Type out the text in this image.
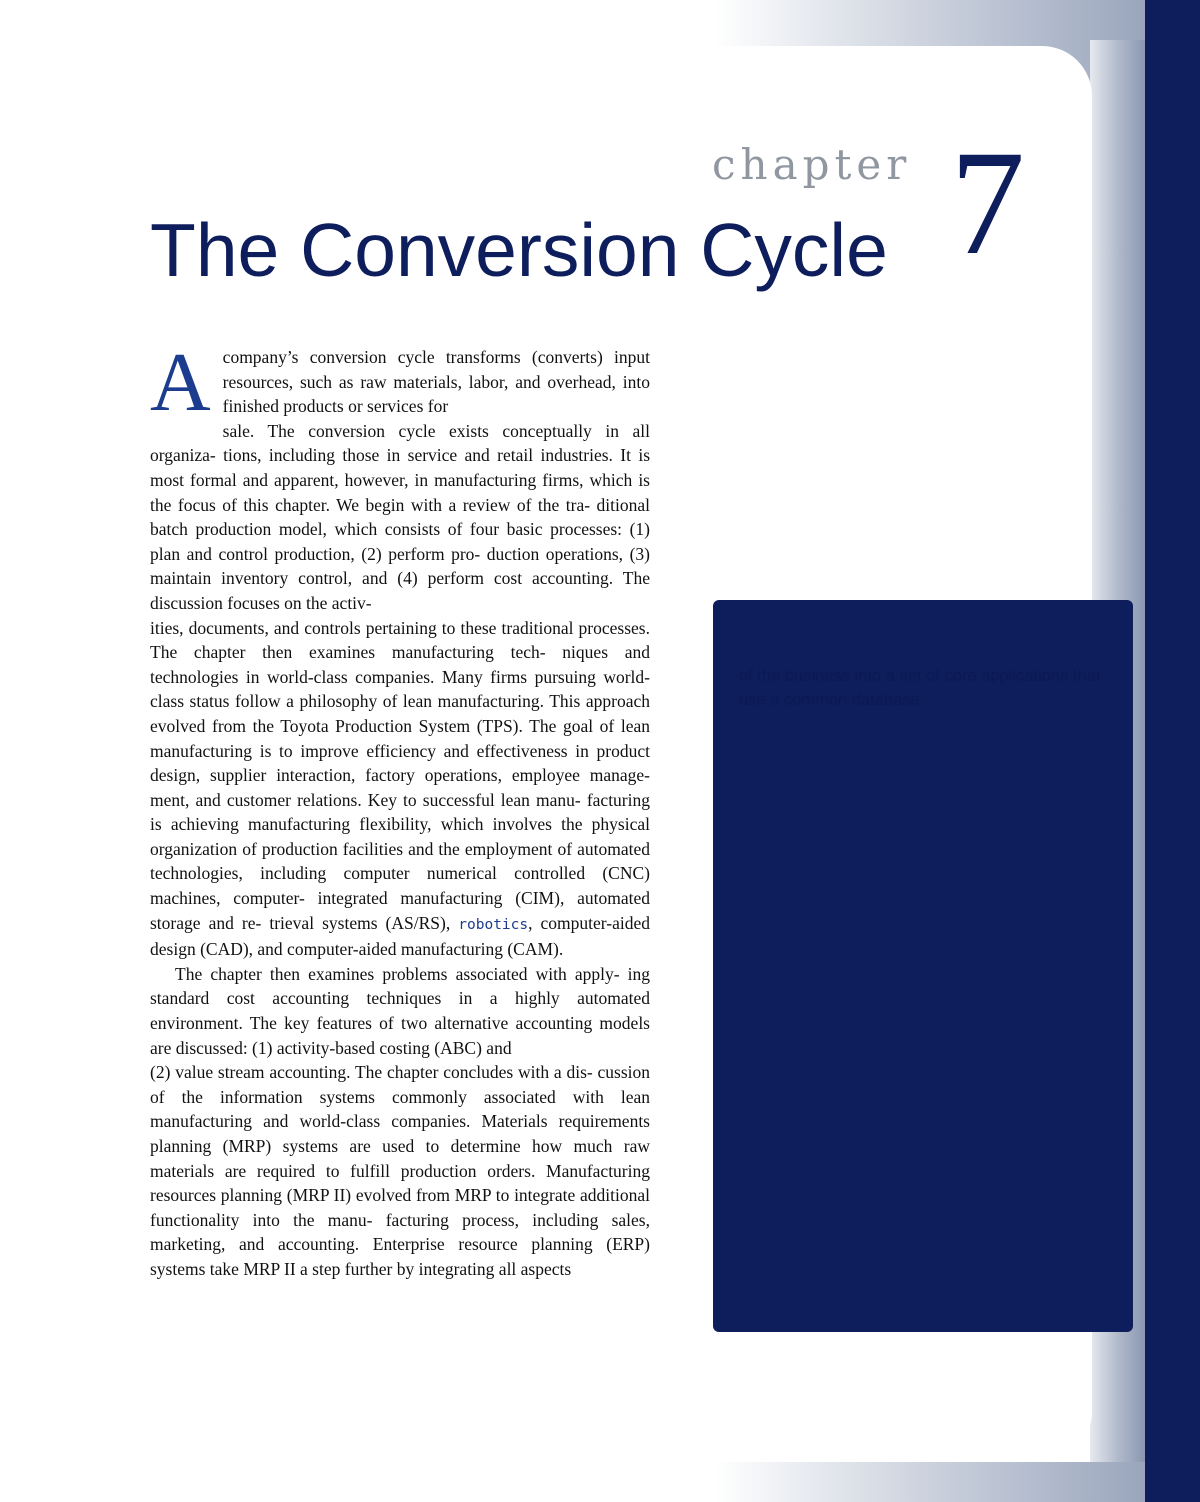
chapter 7
The Conversion Cycle

Acompany’s conversion cycle transforms (converts) input resources, such as raw materials, labor, and overhead, into finished products or services for

sale. The conversion cycle exists conceptually in all organiza- tions, including those in service and retail industries. It is most formal and apparent, however, in manufacturing firms, which is the focus of this chapter. We begin with a review of the tra- ditional batch production model, which consists of four basic processes: (1) plan and control production, (2) perform pro- duction operations, (3) maintain inventory control, and (4) perform cost accounting. The discussion focuses on the activ-

ities, documents, and controls pertaining to these traditional processes. The chapter then examines manufacturing tech- niques and technologies in world-class companies. Many firms pursuing world-class status follow a philosophy of lean manufacturing. This approach evolved from the Toyota Production System (TPS). The goal of lean manufacturing is to improve efficiency and effectiveness in product design, supplier interaction, factory operations, employee manage- ment, and customer relations. Key to successful lean manu- facturing is achieving manufacturing flexibility, which involves the physical organization of production facilities and the employment of automated technologies, including computer numerical controlled (CNC) machines, computer- integrated manufacturing (CIM), automated storage and re- trieval systems (AS/RS), robotics, computer-aided design (CAD), and computer-aided manufacturing (CAM).

The chapter then examines problems associated with apply- ing standard cost accounting techniques in a highly automated environment. The key features of two alternative accounting models are discussed: (1) activity-based costing (ABC) and

(2) value stream accounting. The chapter concludes with a dis- cussion of the information systems commonly associated with lean manufacturing and world-class companies. Materials requirements planning (MRP) systems are used to determine how much raw materials are required to fulfill production orders. Manufacturing resources planning (MRP II) evolved from MRP to integrate additional functionality into the manu- facturing process, including sales, marketing, and accounting. Enterprise resource planning (ERP) systems take MRP II a step further by integrating all aspects

of the business into a set of core applications that use a common database.
